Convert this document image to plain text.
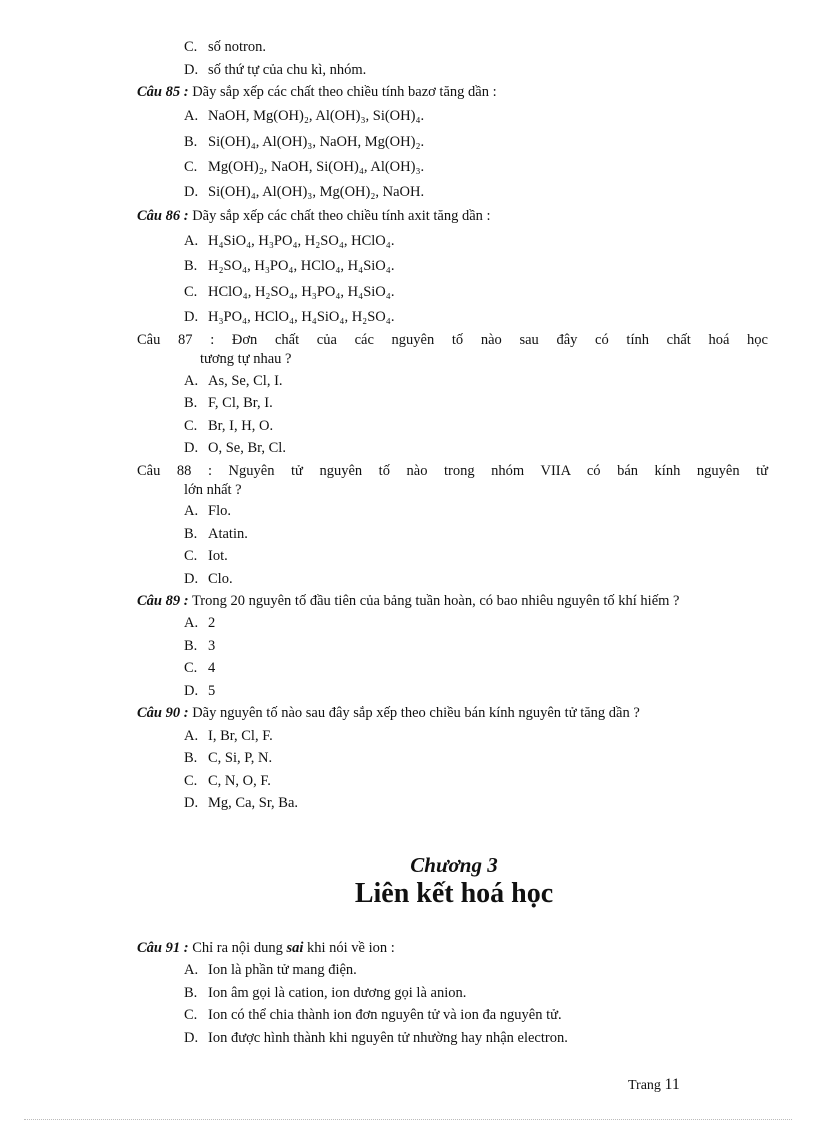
C. số notron.
D. số thứ tự của chu kì, nhóm.
Câu 85 : Dãy sắp xếp các chất theo chiều tính bazơ tăng dần :
A. NaOH, Mg(OH)₂, Al(OH)₃, Si(OH)₄.
B. Si(OH)₄, Al(OH)₃, NaOH, Mg(OH)₂.
C. Mg(OH)₂, NaOH, Si(OH)₄, Al(OH)₃.
D. Si(OH)₄, Al(OH)₃, Mg(OH)₂, NaOH.
Câu 86 : Dãy sắp xếp các chất theo chiều tính axit tăng dần :
A. H₄SiO₄, H₃PO₄, H₂SO₄, HClO₄.
B. H₂SO₄, H₃PO₄, HClO₄, H₄SiO₄.
C. HClO₄, H₂SO₄, H₃PO₄, H₄SiO₄.
D. H₃PO₄, HClO₄, H₄SiO₄, H₂SO₄.
Câu 87 : Đơn chất của các nguyên tố nào sau đây có tính chất hoá học
tương tự nhau ?
A. As, Se, Cl, I.
B. F, Cl, Br, I.
C. Br, I, H, O.
D. O, Se, Br, Cl.
Câu 88 : Nguyên tử nguyên tố nào trong nhóm VIIA có bán kính nguyên tử
lớn nhất ?
A. Flo.
B. Atatin.
C. Iot.
D. Clo.
Câu 89 : Trong 20 nguyên tố đầu tiên của bảng tuần hoàn, có bao nhiêu nguyên tố khí hiếm ?
A. 2
B. 3
C. 4
D. 5
Câu 90 : Dãy nguyên tố nào sau đây sắp xếp theo chiều bán kính nguyên tử tăng dần ?
A. I, Br, Cl, F.
B. C, Si, P, N.
C. C, N, O, F.
D. Mg, Ca, Sr, Ba.
Chương 3
Liên kết hoá học
Câu 91 : Chỉ ra nội dung sai khi nói về ion :
A. Ion là phần tử mang điện.
B. Ion âm gọi là cation, ion dương gọi là anion.
C. Ion có thể chia thành ion đơn nguyên tử và ion đa nguyên tử.
D. Ion được hình thành khi nguyên tử nhường hay nhận electron.
Trang 11
